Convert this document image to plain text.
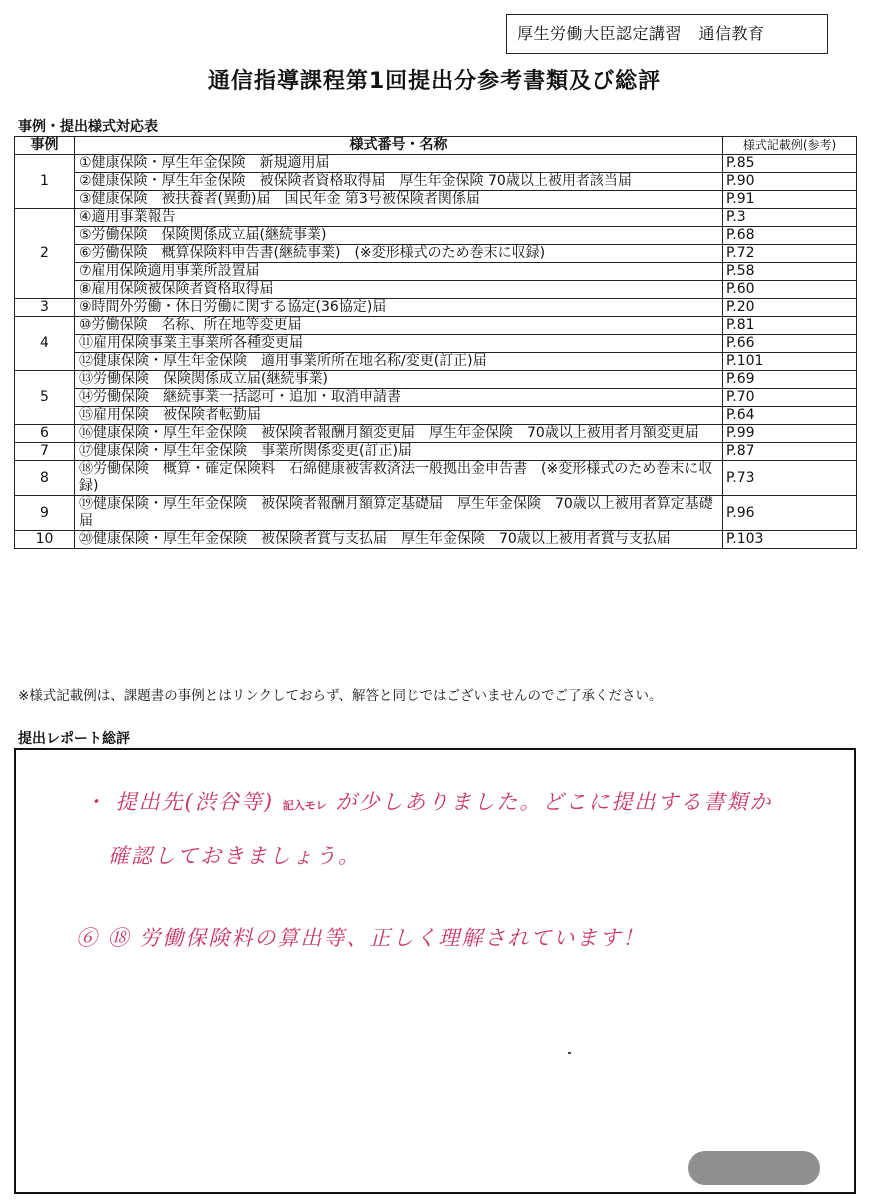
厚生労働大臣認定講習　通信教育
通信指導課程第1回提出分参考書類及び総評
事例・提出様式対応表
事例	様式番号・名称	様式記載例(参考)
1	①健康保険・厚生年金保険　新規適用届	P.85
	②健康保険・厚生年金保険　被保険者資格取得届　厚生年金保険 70歳以上被用者該当届	P.90
	③健康保険　被扶養者(異動)届　国民年金 第3号被保険者関係届	P.91
2	④適用事業報告	P.3
	⑤労働保険　保険関係成立届(継続事業)	P.68
	⑥労働保険　概算保険料申告書(継続事業)　(※変形様式のため巻末に収録)	P.72
	⑦雇用保険適用事業所設置届	P.58
	⑧雇用保険被保険者資格取得届	P.60
3	⑨時間外労働・休日労働に関する協定(36協定)届	P.20
4	⑩労働保険　名称、所在地等変更届	P.81
	⑪雇用保険事業主事業所各種変更届	P.66
	⑫健康保険・厚生年金保険　適用事業所所在地名称/変更(訂正)届	P.101
5	⑬労働保険　保険関係成立届(継続事業)	P.69
	⑭労働保険　継続事業一括認可・追加・取消申請書	P.70
	⑮雇用保険　被保険者転勤届	P.64
6	⑯健康保険・厚生年金保険　被保険者報酬月額変更届　厚生年金保険　70歳以上被用者月額変更届	P.99
7	⑰健康保険・厚生年金保険　事業所関係変更(訂正)届	P.87
8	⑱労働保険　概算・確定保険料　石綿健康被害救済法一般拠出金申告書　(※変形様式のため巻末に収録)	P.73
9	⑲健康保険・厚生年金保険　被保険者報酬月額算定基礎届　厚生年金保険　70歳以上被用者算定基礎届	P.96
10	⑳健康保険・厚生年金保険　被保険者賞与支払届　厚生年金保険　70歳以上被用者賞与支払届	P.103
※様式記載例は、課題書の事例とはリンクしておらず、解答と同じではございませんのでご了承ください。
提出レポート総評
・ 提出先(渋谷等) 記入モレ が少しありました。どこに提出する書類か
確認しておきましょう。
⑥ ⑱ 労働保険料の算出等、正しく理解されています！
